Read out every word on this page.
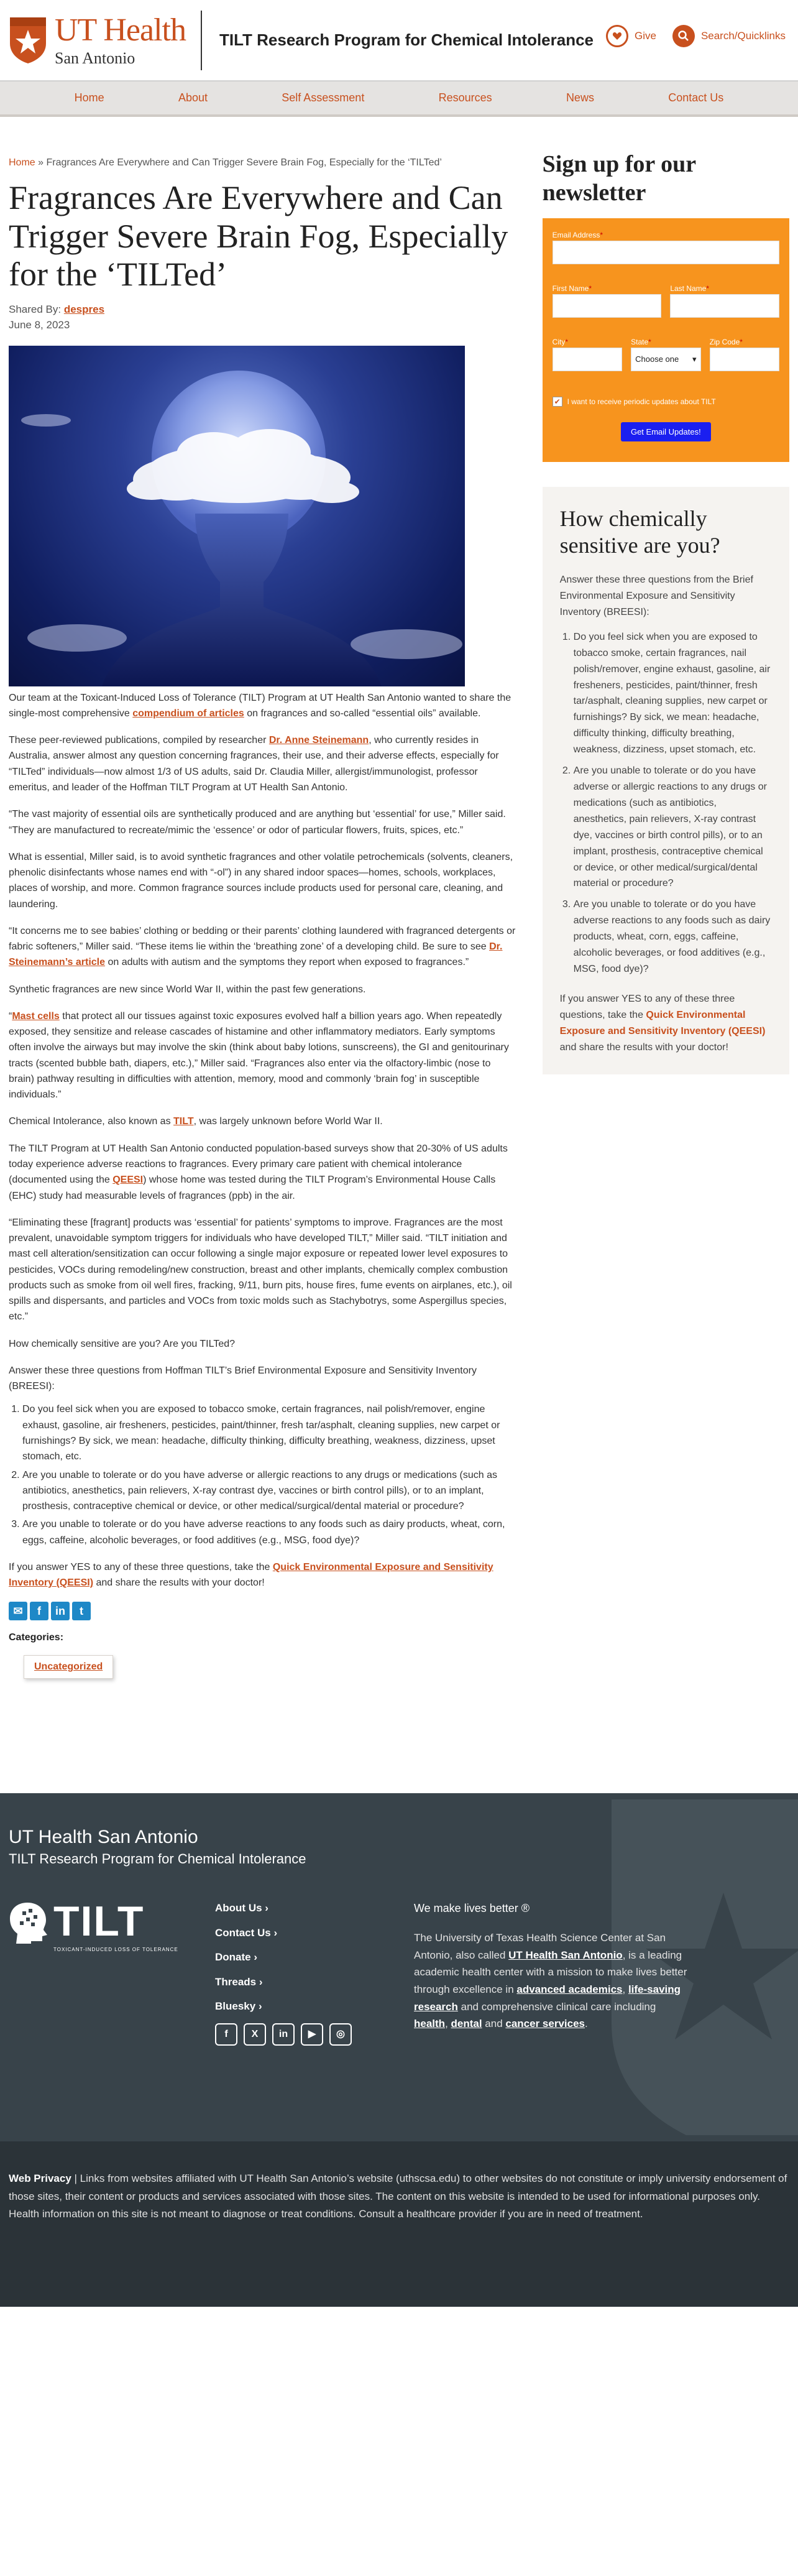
UT Health
San Antonio
TILT Research Program for Chemical Intolerance	Give	Search/Quicklinks
Home	About	Self Assessment	Resources	News	Contact Us
Home » Fragrances Are Everywhere and Can Trigger Severe Brain Fog, Especially for the ‘TILTed’
Fragrances Are Everywhere and Can Trigger Severe Brain Fog, Especially for the ‘TILTed’
Shared By: despres
June 8, 2023

Our team at the Toxicant-Induced Loss of Tolerance (TILT) Program at UT Health San Antonio wanted to share the single-most comprehensive compendium of articles on fragrances and so-called “essential oils” available.

These peer-reviewed publications, compiled by researcher Dr. Anne Steinemann, who currently resides in Australia, answer almost any question concerning fragrances, their use, and their adverse effects, especially for “TILTed” individuals—now almost 1/3 of US adults, said Dr. Claudia Miller, allergist/immunologist, professor emeritus, and leader of the Hoffman TILT Program at UT Health San Antonio.

“The vast majority of essential oils are synthetically produced and are anything but ‘essential’ for use,” Miller said. “They are manufactured to recreate/mimic the ‘essence’ or odor of particular flowers, fruits, spices, etc.”

What is essential, Miller said, is to avoid synthetic fragrances and other volatile petrochemicals (solvents, cleaners, phenolic disinfectants whose names end with “-ol”) in any shared indoor spaces—homes, schools, workplaces, places of worship, and more. Common fragrance sources include products used for personal care, cleaning, and laundering.

“It concerns me to see babies’ clothing or bedding or their parents’ clothing laundered with fragranced detergents or fabric softeners,” Miller said. “These items lie within the ‘breathing zone’ of a developing child. Be sure to see Dr. Steinemann’s article on adults with autism and the symptoms they report when exposed to fragrances.”

Synthetic fragrances are new since World War II, within the past few generations.

“Mast cells that protect all our tissues against toxic exposures evolved half a billion years ago. When repeatedly exposed, they sensitize and release cascades of histamine and other inflammatory mediators. Early symptoms often involve the airways but may involve the skin (think about baby lotions, sunscreens), the GI and genitourinary tracts (scented bubble bath, diapers, etc.),” Miller said. “Fragrances also enter via the olfactory-limbic (nose to brain) pathway resulting in difficulties with attention, memory, mood and commonly ‘brain fog’ in susceptible individuals.”

Chemical Intolerance, also known as TILT, was largely unknown before World War II.

The TILT Program at UT Health San Antonio conducted population-based surveys show that 20-30% of US adults today experience adverse reactions to fragrances. Every primary care patient with chemical intolerance (documented using the QEESI) whose home was tested during the TILT Program’s Environmental House Calls (EHC) study had measurable levels of fragrances (ppb) in the air.

“Eliminating these [fragrant] products was ‘essential’ for patients’ symptoms to improve. Fragrances are the most prevalent, unavoidable symptom triggers for individuals who have developed TILT,” Miller said. “TILT initiation and mast cell alteration/sensitization can occur following a single major exposure or repeated lower level exposures to pesticides, VOCs during remodeling/new construction, breast and other implants, chemically complex combustion products such as smoke from oil well fires, fracking, 9/11, burn pits, house fires, fume events on airplanes, etc.), oil spills and dispersants, and particles and VOCs from toxic molds such as Stachybotrys, some Aspergillus species, etc.”

How chemically sensitive are you? Are you TILTed?

Answer these three questions from Hoffman TILT’s Brief Environmental Exposure and Sensitivity Inventory (BREESI):

1. Do you feel sick when you are exposed to tobacco smoke, certain fragrances, nail polish/remover, engine exhaust, gasoline, air fresheners, pesticides, paint/thinner, fresh tar/asphalt, cleaning supplies, new carpet or furnishings? By sick, we mean: headache, difficulty thinking, difficulty breathing, weakness, dizziness, upset stomach, etc.
2. Are you unable to tolerate or do you have adverse or allergic reactions to any drugs or medications (such as antibiotics, anesthetics, pain relievers, X-ray contrast dye, vaccines or birth control pills), or to an implant, prosthesis, contraceptive chemical or device, or other medical/surgical/dental material or procedure?
3. Are you unable to tolerate or do you have adverse reactions to any foods such as dairy products, wheat, corn, eggs, caffeine, alcoholic beverages, or food additives (e.g., MSG, food dye)?

If you answer YES to any of these three questions, take the Quick Environmental Exposure and Sensitivity Inventory (QEESI) and share the results with your doctor!

✉	f	in	t
Categories:
Uncategorized
Sign up for our newsletter
Email Address*
First Name*	Last Name*
City*	State*
Choose one ▾
Zip Code*
✔ I want to receive periodic updates about TILT
Get Email Updates!
How chemically sensitive are you?

Answer these three questions from the Brief Environmental Exposure and Sensitivity Inventory (BREESI):

1. Do you feel sick when you are exposed to tobacco smoke, certain fragrances, nail polish/remover, engine exhaust, gasoline, air fresheners, pesticides, paint/thinner, fresh tar/asphalt, cleaning supplies, new carpet or furnishings? By sick, we mean: headache, difficulty thinking, difficulty breathing, weakness, dizziness, upset stomach, etc.
2. Are you unable to tolerate or do you have adverse or allergic reactions to any drugs or medications (such as antibiotics, anesthetics, pain relievers, X-ray contrast dye, vaccines or birth control pills), or to an implant, prosthesis, contraceptive chemical or device, or other medical/surgical/dental material or procedure?
3. Are you unable to tolerate or do you have adverse reactions to any foods such as dairy products, wheat, corn, eggs, caffeine, alcoholic beverages, or food additives (e.g., MSG, food dye)?

If you answer YES to any of these three questions, take the Quick Environmental Exposure and Sensitivity Inventory (QEESI) and share the results with your doctor!

UT Health San Antonio
TILT Research Program for Chemical Intolerance
TILT
TOXICANT-INDUCED LOSS OF TOLERANCE
About Us ›
Contact Us ›
Donate ›
Threads ›
Bluesky ›
f	X	in	▶	◎
We make lives better ®

The University of Texas Health Science Center at San Antonio, also called UT Health San Antonio, is a leading academic health center with a mission to make lives better through excellence in advanced academics, life-saving research and comprehensive clinical care including health, dental and cancer services.

Web Privacy | Links from websites affiliated with UT Health San Antonio’s website (uthscsa.edu) to other websites do not constitute or imply university endorsement of those sites, their content or products and services associated with those sites. The content on this website is intended to be used for informational purposes only. Health information on this site is not meant to diagnose or treat conditions. Consult a healthcare provider if you are in need of treatment.
